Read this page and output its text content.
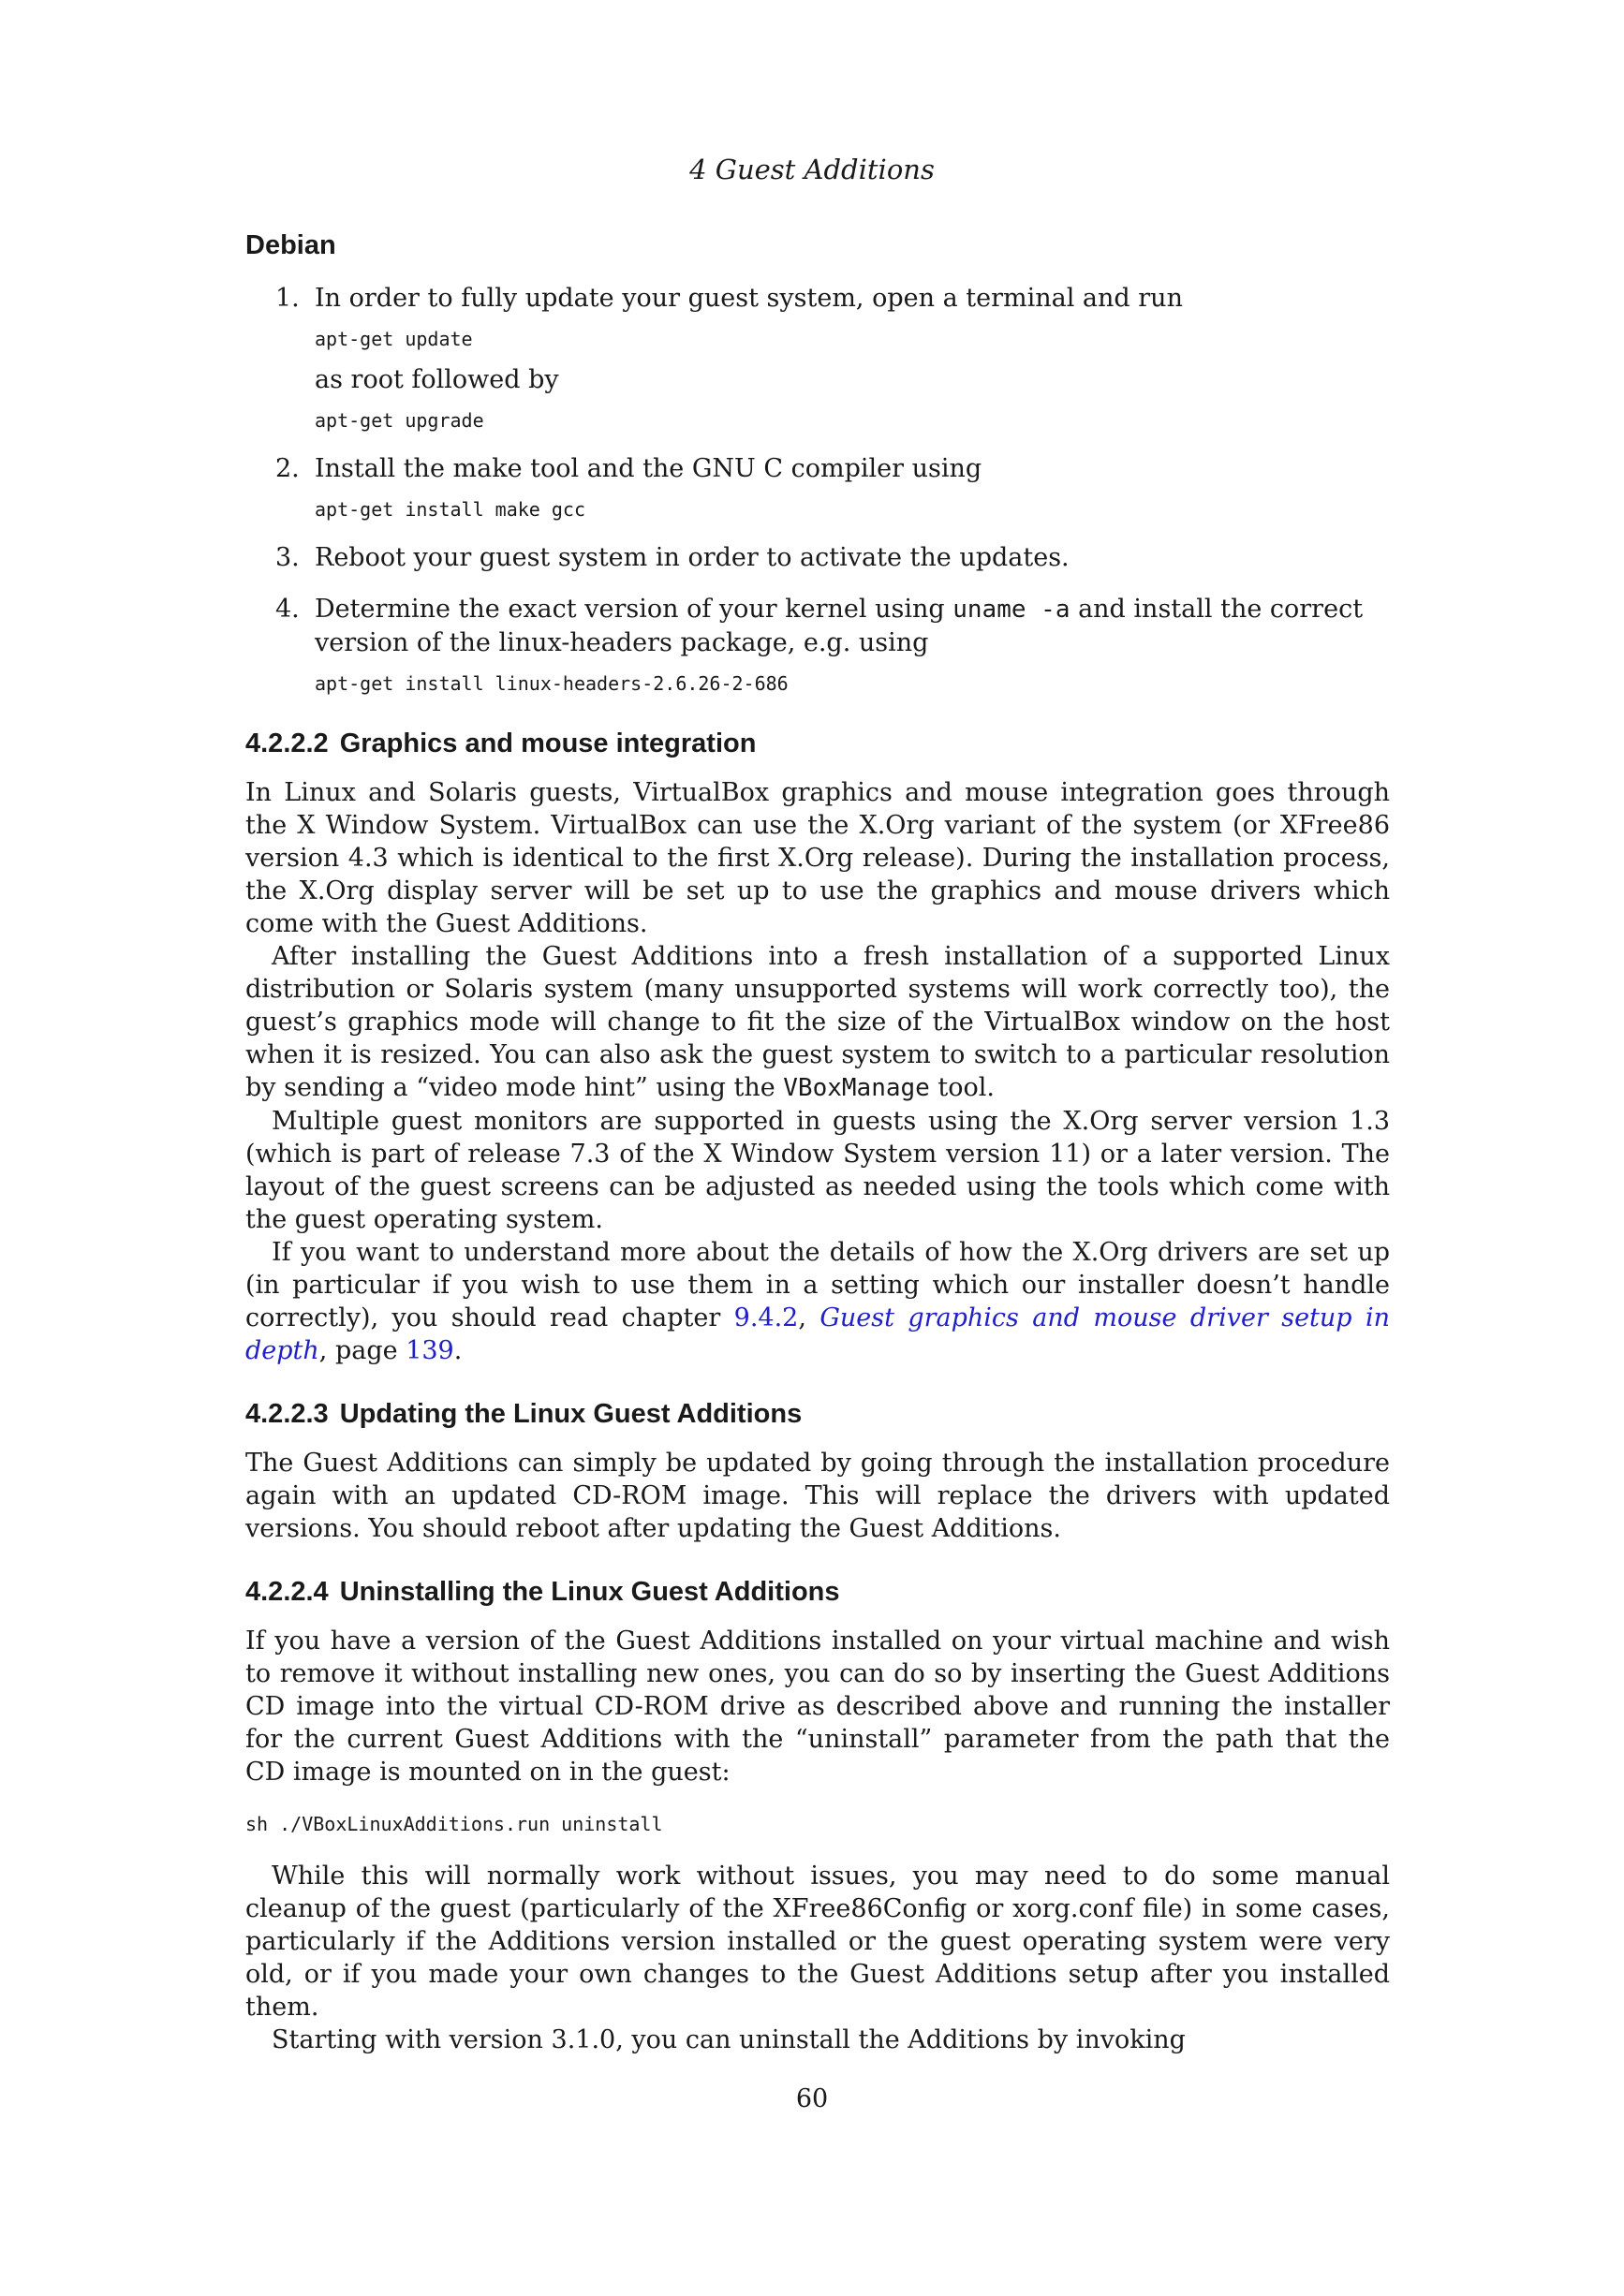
4 Guest Additions
Debian
1. In order to fully update your guest system, open a terminal and run

apt-get update

as root followed by

apt-get upgrade
2. Install the make tool and the GNU C compiler using

apt-get install make gcc
3. Reboot your guest system in order to activate the updates.

4. Determine the exact version of your kernel using uname -a and install the correct version of the linux-headers package, e.g. using

apt-get install linux-headers-2.6.26-2-686
4.2.2.2 Graphics and mouse integration

In Linux and Solaris guests, VirtualBox graphics and mouse integration goes through the X Window System. VirtualBox can use the X.Org variant of the system (or XFree86 version 4.3 which is identical to the first X.Org release). During the installation process, the X.Org display server will be set up to use the graphics and mouse drivers which come with the Guest Additions.

After installing the Guest Additions into a fresh installation of a supported Linux distribution or Solaris system (many unsupported systems will work correctly too), the guest’s graphics mode will change to fit the size of the VirtualBox window on the host when it is resized. You can also ask the guest system to switch to a particular resolution by sending a “video mode hint” using the VBoxManage tool.

Multiple guest monitors are supported in guests using the X.Org server version 1.3 (which is part of release 7.3 of the X Window System version 11) or a later version. The layout of the guest screens can be adjusted as needed using the tools which come with the guest operating system.

If you want to understand more about the details of how the X.Org drivers are set up (in particular if you wish to use them in a setting which our installer doesn’t handle correctly), you should read chapter 9.4.2, Guest graphics and mouse driver setup in depth, page 139.

4.2.2.3 Updating the Linux Guest Additions

The Guest Additions can simply be updated by going through the installation procedure again with an updated CD-ROM image. This will replace the drivers with updated versions. You should reboot after updating the Guest Additions.

4.2.2.4 Uninstalling the Linux Guest Additions

If you have a version of the Guest Additions installed on your virtual machine and wish to remove it without installing new ones, you can do so by inserting the Guest Additions CD image into the virtual CD-ROM drive as described above and running the installer for the current Guest Additions with the “uninstall” parameter from the path that the CD image is mounted on in the guest:

sh ./VBoxLinuxAdditions.run uninstall

While this will normally work without issues, you may need to do some manual cleanup of the guest (particularly of the XFree86Config or xorg.conf file) in some cases, particularly if the Additions version installed or the guest operating system were very old, or if you made your own changes to the Guest Additions setup after you installed them.

Starting with version 3.1.0, you can uninstall the Additions by invoking

60
